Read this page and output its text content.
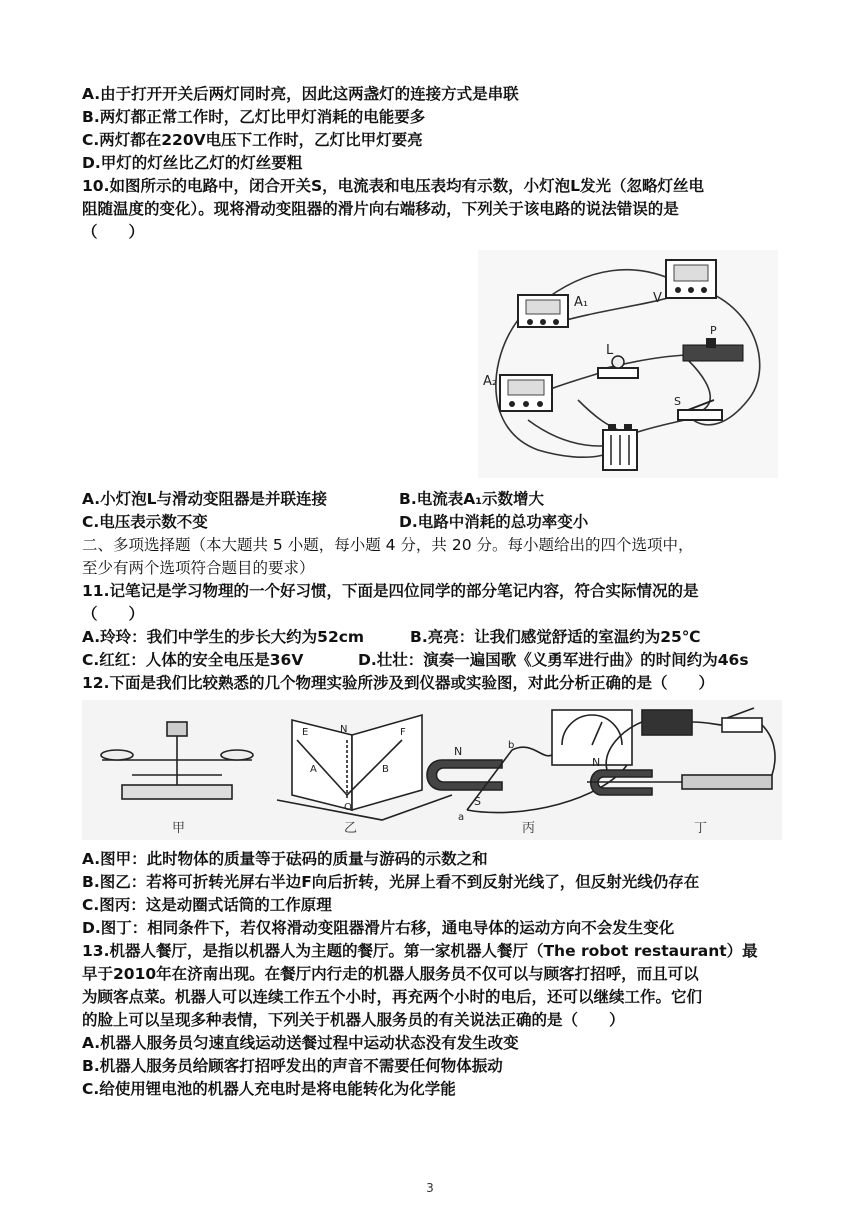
A.由于打开开关后两灯同时亮，因此这两盏灯的连接方式是串联
B.两灯都正常工作时，乙灯比甲灯消耗的电能要多
C.两灯都在220V电压下工作时，乙灯比甲灯要亮
D.甲灯的灯丝比乙灯的灯丝要粗
10.如图所示的电路中，闭合开关S，电流表和电压表均有示数，小灯泡L发光（忽略灯丝电
阻随温度的变化）。现将滑动变阻器的滑片向右端移动，下列关于该电路的说法错误的是
（　　）
A₁	V
A₂
L
P
S
A.小灯泡L与滑动变阻器是并联连接	B.电流表A₁示数增大
C.电压表示数不变	D.电路中消耗的总功率变小
二、多项选择题（本大题共 5 小题，每小题 4 分，共 20 分。每小题给出的四个选项中，
至少有两个选项符合题目的要求）
11.记笔记是学习物理的一个好习惯，下面是四位同学的部分笔记内容，符合实际情况的是
（　　）
A.玲玲：我们中学生的步长大约为52cm	B.亮亮：让我们感觉舒适的室温约为25℃
C.红红：人体的安全电压是36V	D.壮壮：演奏一遍国歌《义勇军进行曲》的时间约为46s
12.下面是我们比较熟悉的几个物理实验所涉及到仪器或实验图，对此分析正确的是（　　）
E	N	F
A
O
B
N
S
a
b
N
甲	乙	丙	丁
A.图甲：此时物体的质量等于砝码的质量与游码的示数之和
B.图乙：若将可折转光屏右半边F向后折转，光屏上看不到反射光线了，但反射光线仍存在
C.图丙：这是动圈式话筒的工作原理
D.图丁：相同条件下，若仅将滑动变阻器滑片右移，通电导体的运动方向不会发生变化
13.机器人餐厅，是指以机器人为主题的餐厅。第一家机器人餐厅（The robot restaurant）最
早于2010年在济南出现。在餐厅内行走的机器人服务员不仅可以与顾客打招呼，而且可以
为顾客点菜。机器人可以连续工作五个小时，再充两个小时的电后，还可以继续工作。它们
的脸上可以呈现多种表情，下列关于机器人服务员的有关说法正确的是（　　）
A.机器人服务员匀速直线运动送餐过程中运动状态没有发生改变
B.机器人服务员给顾客打招呼发出的声音不需要任何物体振动
C.给使用锂电池的机器人充电时是将电能转化为化学能
3
